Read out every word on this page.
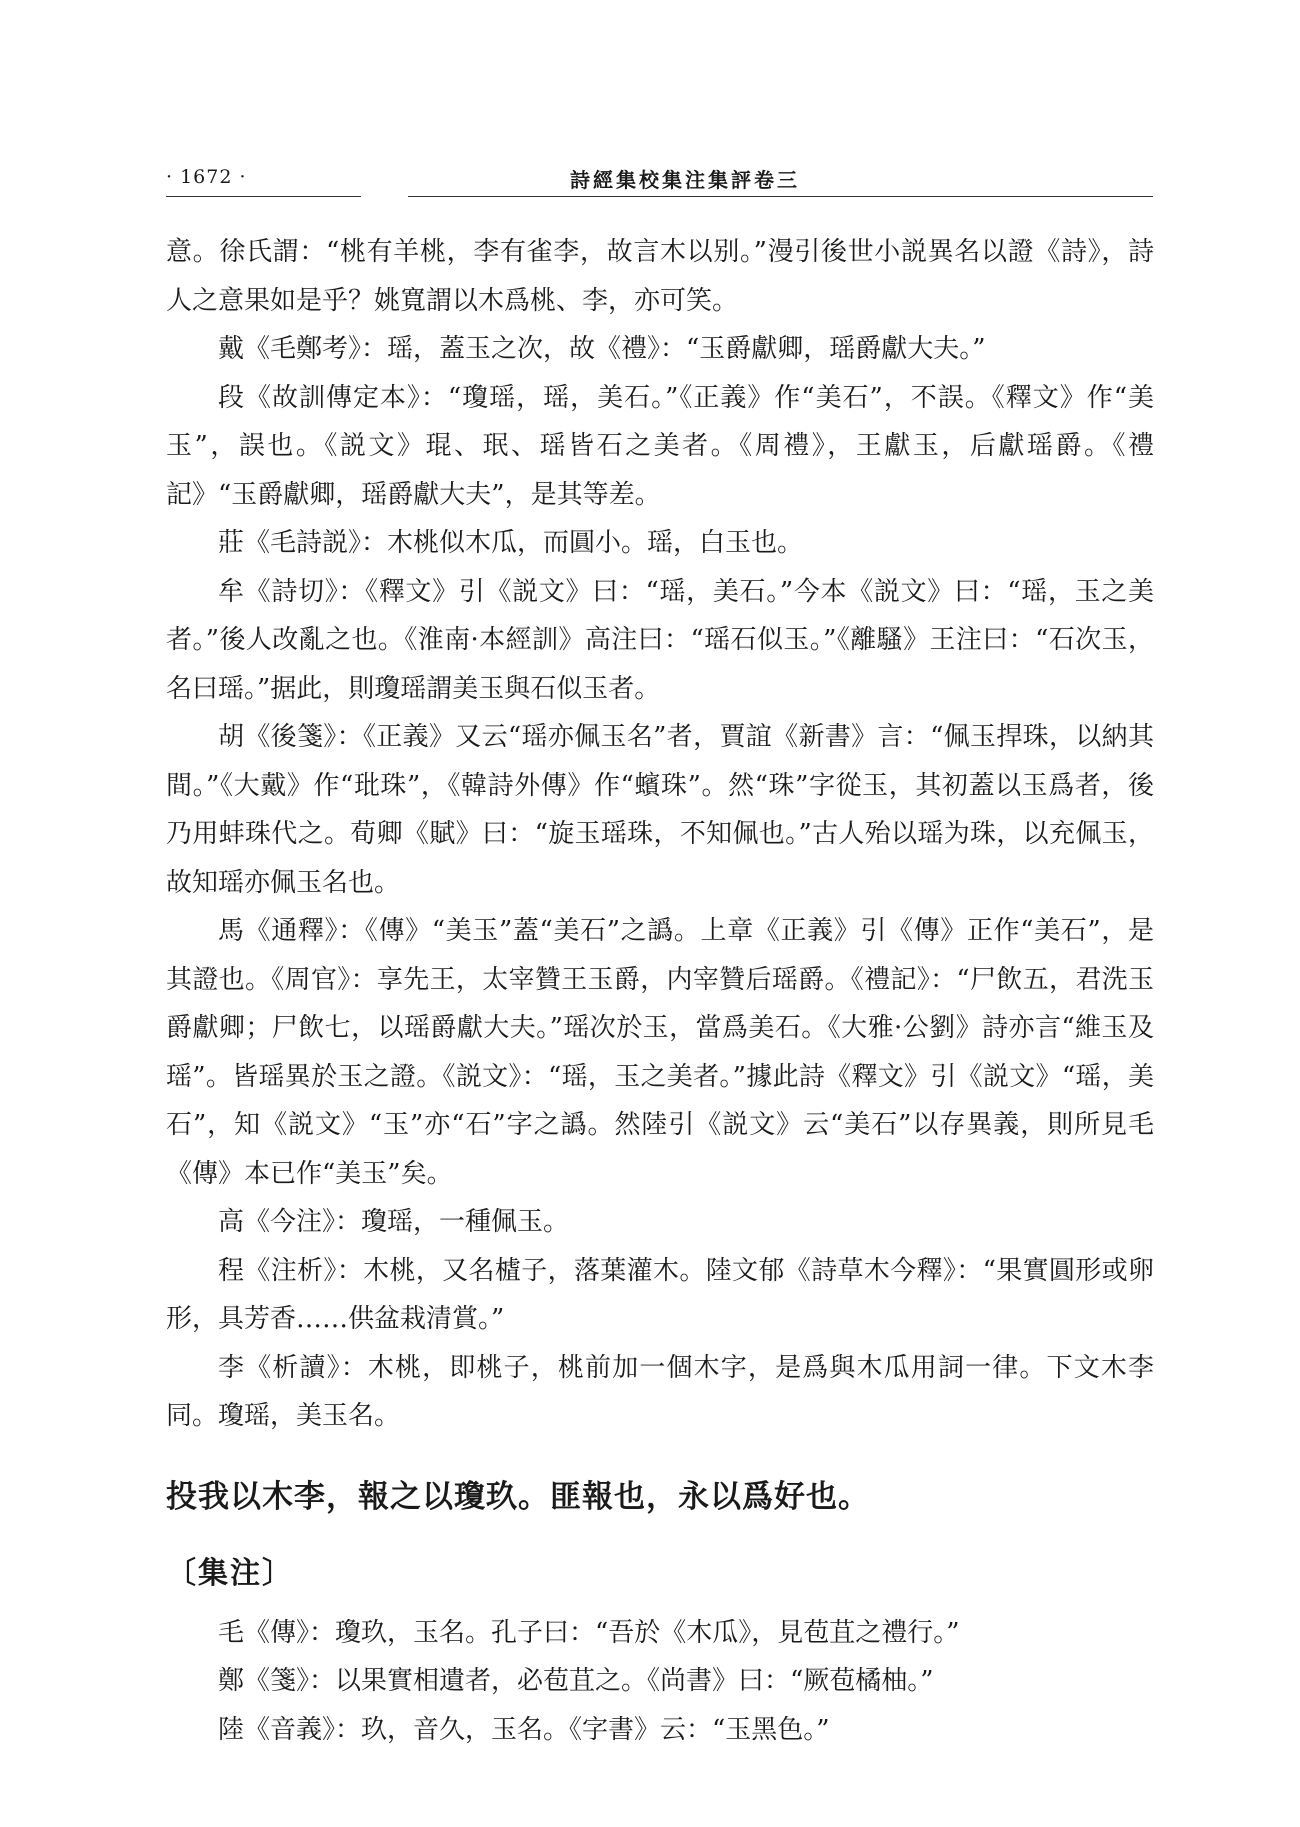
· 1672 ·	詩經集校集注集評卷三

意。徐氏謂：“桃有羊桃，李有雀李，故言木以别。”漫引後世小説異名以證《詩》，詩人之意果如是乎？姚寬謂以木爲桃、李，亦可笑。

戴《毛鄭考》：瑶，蓋玉之次，故《禮》：“玉爵獻卿，瑶爵獻大夫。”

段《故訓傳定本》：“瓊瑶，瑶，美石。”《正義》作“美石”，不誤。《釋文》作“美玉”，誤也。《説文》琨、珉、瑶皆石之美者。《周禮》，王獻玉，后獻瑶爵。《禮記》“玉爵獻卿，瑶爵獻大夫”，是其等差。

莊《毛詩説》：木桃似木瓜，而圓小。瑶，白玉也。

牟《詩切》：《釋文》引《説文》曰：“瑶，美石。”今本《説文》曰：“瑶，玉之美者。”後人改亂之也。《淮南·本經訓》高注曰：“瑶石似玉。”《離騷》王注曰：“石次玉，名曰瑶。”据此，則瓊瑶謂美玉與石似玉者。

胡《後箋》：《正義》又云“瑶亦佩玉名”者，賈誼《新書》言：“佩玉捍珠，以納其間。”《大戴》作“玭珠”，《韓詩外傳》作“蠙珠”。然“珠”字從玉，其初蓋以玉爲者，後乃用蚌珠代之。荀卿《賦》曰：“旋玉瑶珠，不知佩也。”古人殆以瑶为珠，以充佩玉，故知瑶亦佩玉名也。

馬《通釋》：《傳》“美玉”蓋“美石”之譌。上章《正義》引《傳》正作“美石”，是其證也。《周官》：享先王，太宰贊王玉爵，内宰贊后瑶爵。《禮記》：“尸飲五，君洗玉爵獻卿；尸飲七，以瑶爵獻大夫。”瑶次於玉，當爲美石。《大雅·公劉》詩亦言“維玉及瑶”。皆瑶異於玉之證。《説文》：“瑶，玉之美者。”據此詩《釋文》引《説文》“瑶，美石”，知《説文》“玉”亦“石”字之譌。然陸引《説文》云“美石”以存異義，則所見毛《傳》本已作“美玉”矣。

高《今注》：瓊瑶，一種佩玉。

程《注析》：木桃，又名樝子，落葉灌木。陸文郁《詩草木今釋》：“果實圓形或卵形，具芳香……供盆栽清賞。”

李《析讀》：木桃，即桃子，桃前加一個木字，是爲與木瓜用詞一律。下文木李同。瓊瑶，美玉名。

投我以木李，報之以瓊玖。匪報也，永以爲好也。

〔集注〕

毛《傳》：瓊玖，玉名。孔子曰：“吾於《木瓜》，見苞苴之禮行。”

鄭《箋》：以果實相遺者，必苞苴之。《尚書》曰：“厥苞橘柚。”

陸《音義》：玖，音久，玉名。《字書》云：“玉黑色。”
